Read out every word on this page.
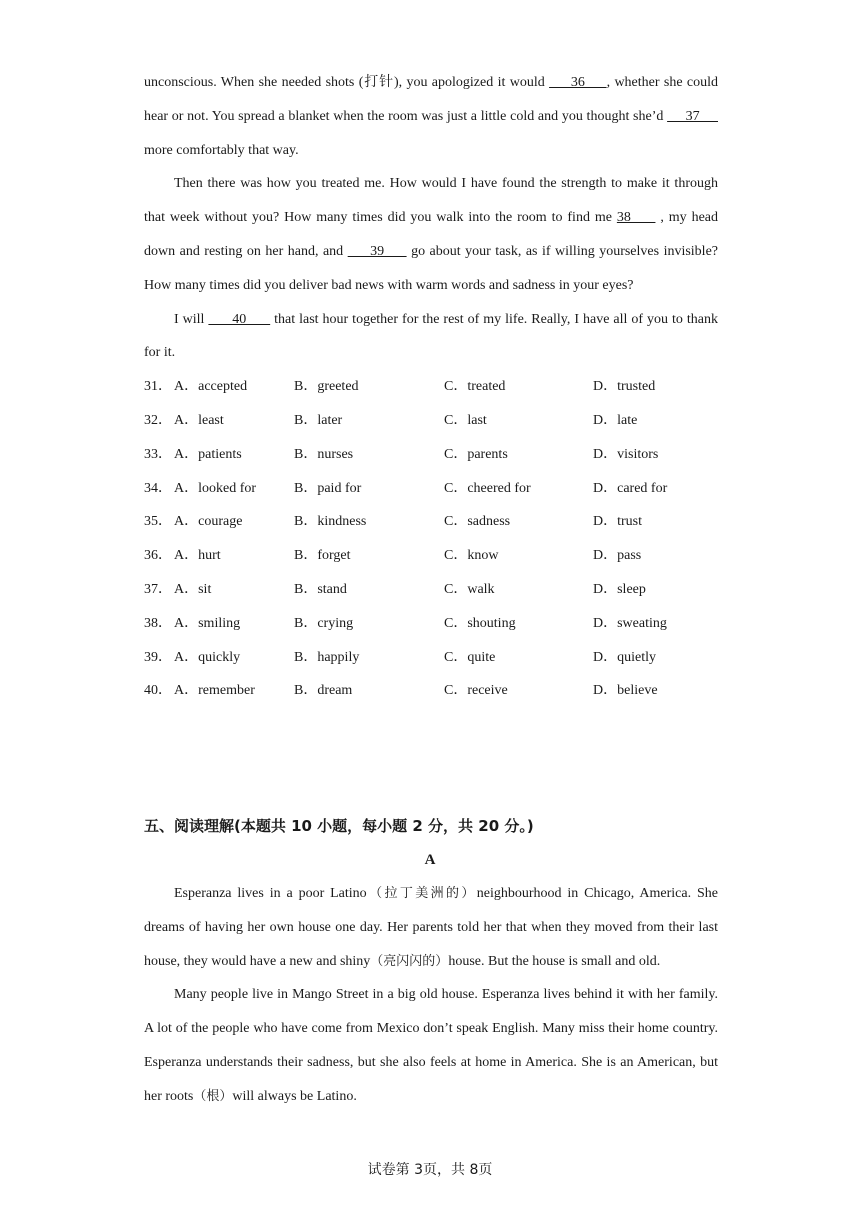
unconscious. When she needed shots (打针), you apologized it would      36     , whether she could hear or not. You spread a blanket when the room was just a little cold and you thought she’d      37      more comfortably that way.

Then there was how you treated me. How would I have found the strength to make it through that week without you? How many times did you walk into the room to find me 38      , my head down and resting on her hand, and      39      go about your task, as if willing yourselves invisible? How many times did you deliver bad news with warm words and sadness in your eyes?

I will       40       that last hour together for the rest of my life. Really, I have all of you to thank for it.

31． A．accepted	B．greeted	C．treated	D．trusted
32． A．least	B．later	C．last	D．late
33． A．patients	B．nurses	C．parents	D．visitors
34． A．looked for	B．paid for	C．cheered for	D．cared for
35． A．courage	B．kindness	C．sadness	D．trust
36． A．hurt	B．forget	C．know	D．pass
37． A．sit	B．stand	C．walk	D．sleep
38． A．smiling	B．crying	C．shouting	D．sweating
39． A．quickly	B．happily	C．quite	D．quietly
40． A．remember	B．dream	C．receive	D．believe
五、阅读理解(本题共 10 小题，每小题 2 分，共 20 分。)
A

Esperanza lives in a poor Latino（拉丁美洲的）neighbourhood in Chicago, America. She dreams of having her own house one day. Her parents told her that when they moved from their last house, they would have a new and shiny（亮闪闪的）house. But the house is small and old.

Many people live in Mango Street in a big old house. Esperanza lives behind it with her family. A lot of the people who have come from Mexico don’t speak English. Many miss their home country. Esperanza understands their sadness, but she also feels at home in America. She is an American, but her roots（根）will always be Latino.

试卷第 3页，共 8页
